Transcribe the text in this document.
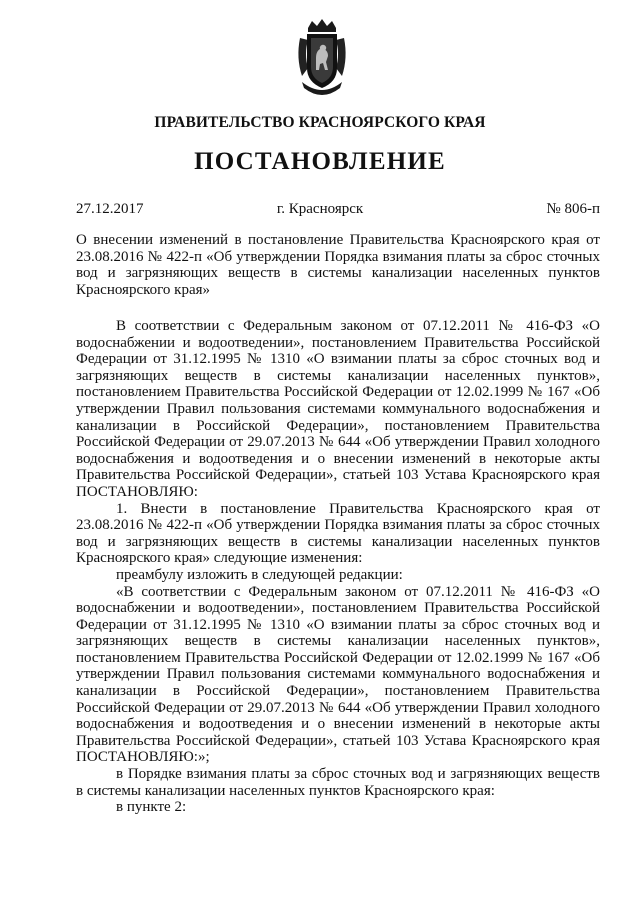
ПРАВИТЕЛЬСТВО КРАСНОЯРСКОГО КРАЯ
ПОСТАНОВЛЕНИЕ
27.12.2017	г. Красноярск	№ 806-п

О внесении изменений в постановление Правительства Красноярского края от 23.08.2016 № 422-п «Об утверждении Порядка взимания платы за сброс сточных вод и загрязняющих веществ в системы канализации населенных пунктов Красноярского края»

В соответствии с Федеральным законом от 07.12.2011 № 416-ФЗ «О водоснабжении и водоотведении», постановлением Правительства Российской Федерации от 31.12.1995 № 1310 «О взимании платы за сброс сточных вод и загрязняющих веществ в системы канализации населенных пунктов», постановлением Правительства Российской Федерации от 12.02.1999 № 167 «Об утверждении Правил пользования системами коммунального водоснабжения и канализации в Российской Федерации», постановлением Правительства Российской Федерации от 29.07.2013 № 644 «Об утверждении Правил холодного водоснабжения и водоотведения и о внесении изменений в некоторые акты Правительства Российской Федерации», статьей 103 Устава Красноярского края ПОСТАНОВЛЯЮ:

1. Внести в постановление Правительства Красноярского края от 23.08.2016 № 422-п «Об утверждении Порядка взимания платы за сброс сточных вод и загрязняющих веществ в системы канализации населенных пунктов Красноярского края» следующие изменения:

преамбулу изложить в следующей редакции:

«В соответствии с Федеральным законом от 07.12.2011 № 416-ФЗ «О водоснабжении и водоотведении», постановлением Правительства Российской Федерации от 31.12.1995 № 1310 «О взимании платы за сброс сточных вод и загрязняющих веществ в системы канализации населенных пунктов», постановлением Правительства Российской Федерации от 12.02.1999 № 167 «Об утверждении Правил пользования системами коммунального водоснабжения и канализации в Российской Федерации», постановлением Правительства Российской Федерации от 29.07.2013 № 644 «Об утверждении Правил холодного водоснабжения и водоотведения и о внесении изменений в некоторые акты Правительства Российской Федерации», статьей 103 Устава Красноярского края ПОСТАНОВЛЯЮ:»;

в Порядке взимания платы за сброс сточных вод и загрязняющих веществ в системы канализации населенных пунктов Красноярского края:

в пункте 2:
